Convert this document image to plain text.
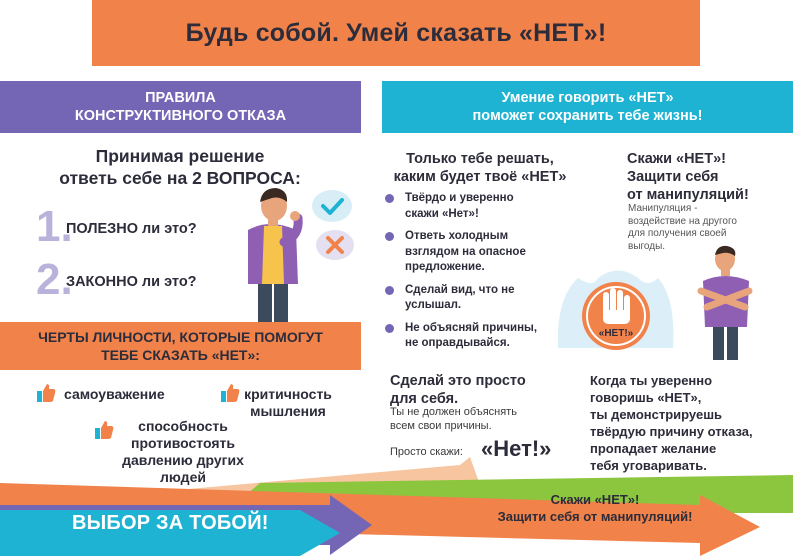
Будь собой. Умей сказать «НЕТ»!
ПРАВИЛА
КОНСТРУКТИВНОГО ОТКАЗА
Принимая решение
ответь себе на 2 ВОПРОСА:
1.
ПОЛЕЗНО ли это?
2.
ЗАКОННО ли это?
ЧЕРТЫ ЛИЧНОСТИ, КОТОРЫЕ ПОМОГУТ
ТЕБЕ СКАЗАТЬ «НЕТ»:
самоуважение	критичность
мышления
способность
противостоять
давлению других
людей
Умение говорить «НЕТ»
поможет сохранить тебе жизнь!
Только тебе решать,
каким будет твоё «НЕТ»
Твёрдо и уверенно
скажи «Нет»!
Ответь холодным
взглядом на опасное
предложение.
Сделай вид, что не
услышал.
Не объясняй причины,
не оправдывайся.
«НЕТ!»
Скажи «НЕТ»!
Защити себя
от манипуляций!
Манипуляция -
воздействие на другого
для получения своей
выгоды.
Сделай это просто
для себя.
Ты не должен объяснять
всем свои причины.
Просто скажи: «Нет!»
Когда ты уверенно
говоришь «НЕТ»,
ты демонстрируешь
твёрдую причину отказа,
пропадает желание
тебя уговаривать.
ВЫБОР ЗА ТОБОЙ!
Скажи «НЕТ»!
Защити себя от манипуляций!
